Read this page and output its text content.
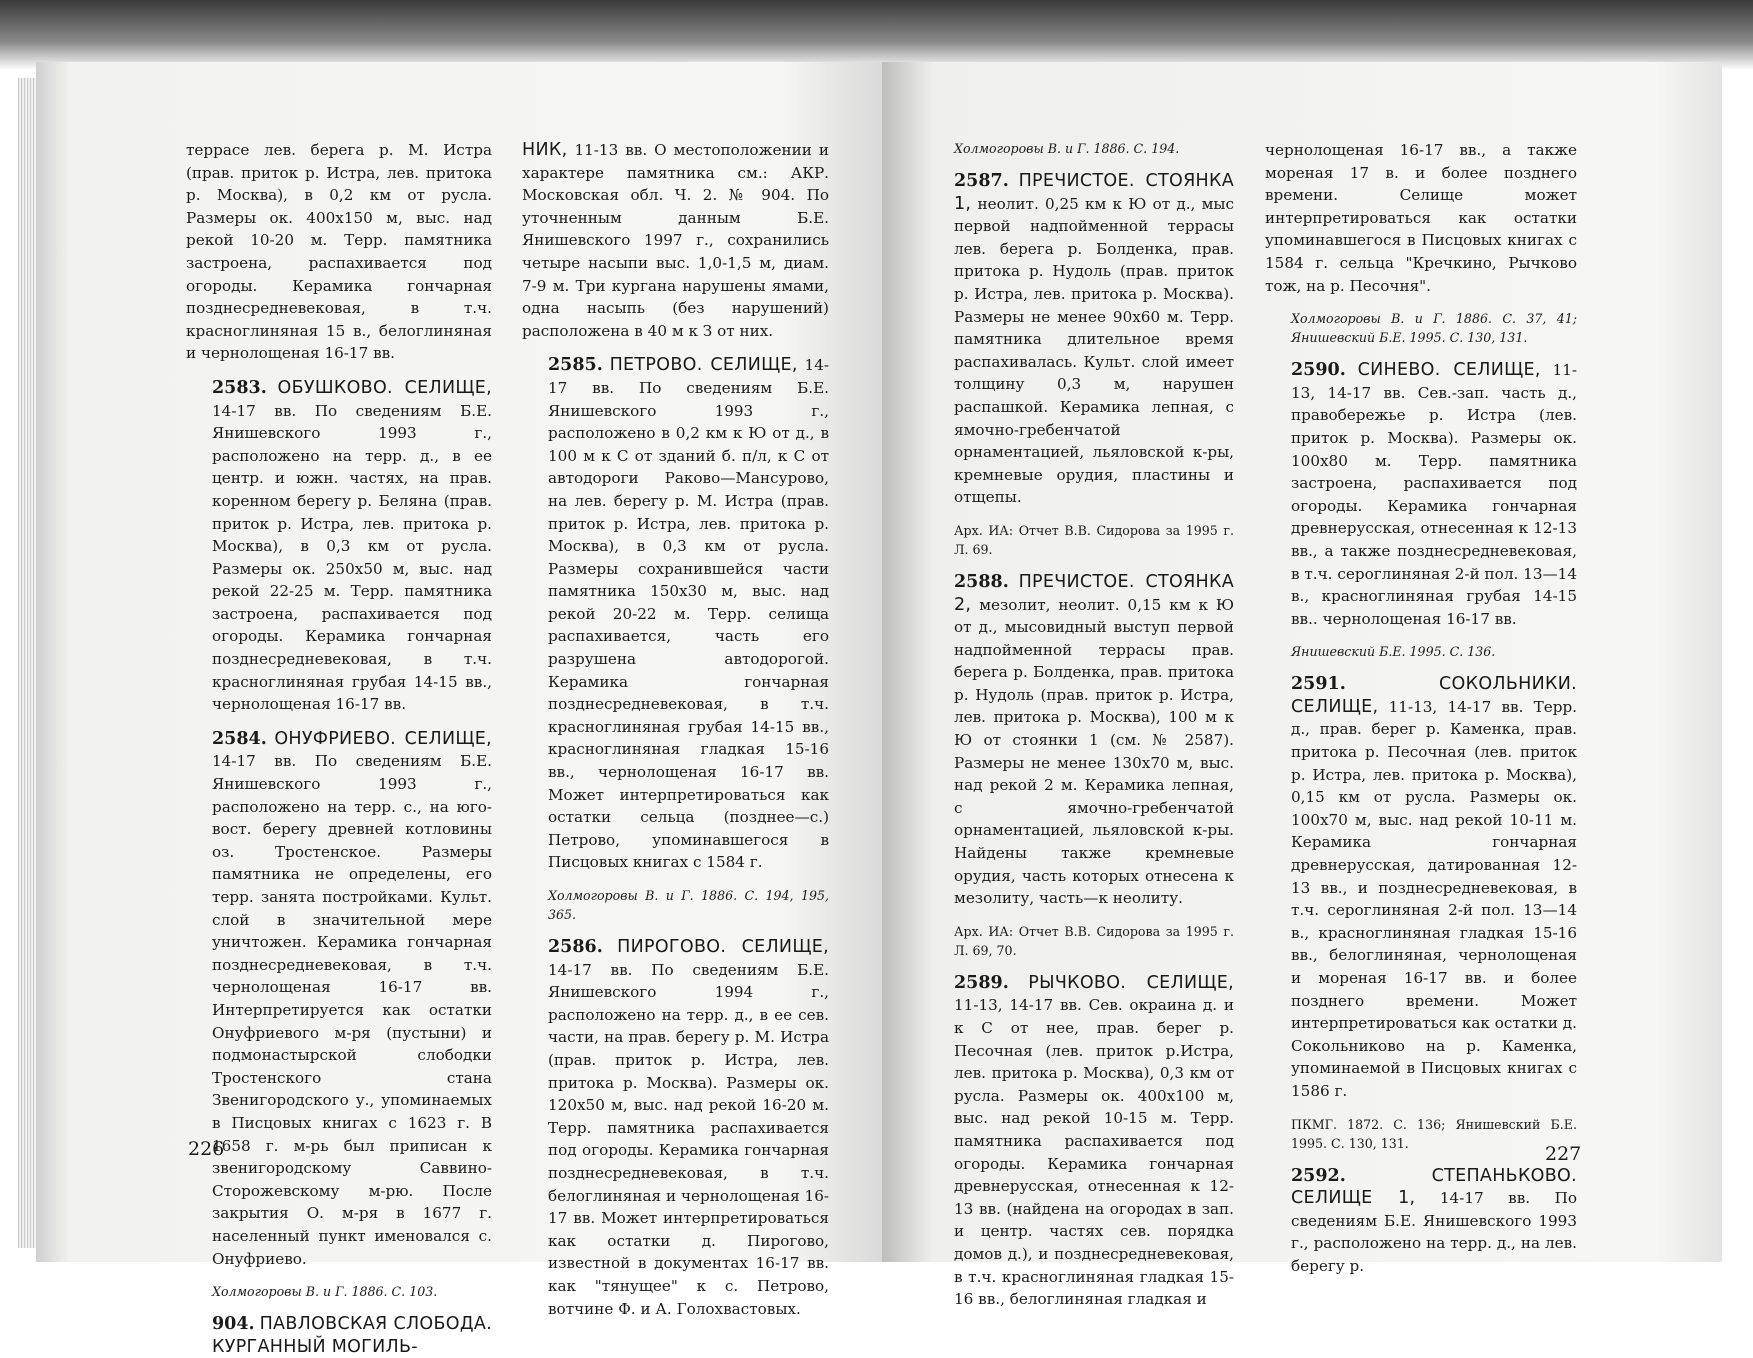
террасе лев. берега р. М. Истра (прав. приток р. Истра, лев. притока р. Москва), в 0,2 км от русла. Размеры ок. 400х150 м, выс. над рекой 10-20 м. Терр. памятника застроена, распахивается под огороды. Керамика гончарная позднесредневековая, в т.ч. красноглиняная 15 в., белоглиняная и чернолощеная 16-17 вв.

2583. ОБУШКОВО. СЕЛИЩЕ, 14-17 вв. По сведениям Б.Е. Янишевского 1993 г., расположено на терр. д., в ее центр. и южн. частях, на прав. коренном берегу р. Беляна (прав. приток р. Истра, лев. притока р. Москва), в 0,3 км от русла. Размеры ок. 250х50 м, выс. над рекой 22-25 м. Терр. памятника застроена, распахивается под огороды. Керамика гончарная позднесредневековая, в т.ч. красноглиняная грубая 14-15 вв., чернолощеная 16-17 вв.

2584. ОНУФРИЕВО. СЕЛИЩЕ, 14-17 вв. По сведениям Б.Е. Янишевского 1993 г., расположено на терр. с., на юго-вост. берегу древней котловины оз. Тростенское. Размеры памятника не определены, его терр. занята постройками. Культ. слой в значительной мере уничтожен. Керамика гончарная позднесредневековая, в т.ч. чернолощеная 16-17 вв. Интерпретируется как остатки Онуфриевого м-ря (пустыни) и подмонастырской слободки Тростенского стана Звенигородского у., упоминаемых в Писцовых книгах с 1623 г. В 1658 г. м-рь был приписан к звенигородскому Саввино-Сторожевскому м-рю. После закрытия О. м-ря в 1677 г. населенный пункт именовался с. Онуфриево.

Холмогоровы В. и Г. 1886. С. 103.

904. ПАВЛОВСКАЯ СЛОБОДА. КУРГАННЫЙ МОГИЛЬ-

НИК, 11-13 вв. О местоположении и характере памятника см.: АКР. Московская обл. Ч. 2. № 904. По уточненным данным Б.Е. Янишевского 1997 г., сохранились четыре насыпи выс. 1,0-1,5 м, диам. 7-9 м. Три кургана нарушены ямами, одна насыпь (без нарушений) расположена в 40 м к З от них.

2585. ПЕТРОВО. СЕЛИЩЕ, 14-17 вв. По сведениям Б.Е. Янишевского 1993 г., расположено в 0,2 км к Ю от д., в 100 м к С от зданий б. п/л, к С от автодороги Раково—Мансурово, на лев. берегу р. М. Истра (прав. приток р. Истра, лев. притока р. Москва), в 0,3 км от русла. Размеры сохранившейся части памятника 150х30 м, выс. над рекой 20-22 м. Терр. селища распахивается, часть его разрушена автодорогой. Керамика гончарная позднесредневековая, в т.ч. красноглиняная грубая 14-15 вв., красноглиняная гладкая 15-16 вв., чернолощеная 16-17 вв. Может интерпретироваться как остатки сельца (позднее—с.) Петрово, упоминавшегося в Писцовых книгах с 1584 г.

Холмогоровы В. и Г. 1886. С. 194, 195, 365.

2586. ПИРОГОВО. СЕЛИЩЕ, 14-17 вв. По сведениям Б.Е. Янишевского 1994 г., расположено на терр. д., в ее сев. части, на прав. берегу р. М. Истра (прав. приток р. Истра, лев. притока р. Москва). Размеры ок. 120х50 м, выс. над рекой 16-20 м. Терр. памятника распахивается под огороды. Керамика гончарная позднесредневековая, в т.ч. белоглиняная и чернолощеная 16-17 вв. Может интерпретироваться как остатки д. Пирогово, известной в документах 16-17 вв. как "тянущее" к с. Петрово, вотчине Ф. и А. Голохвастовых.

226

Холмогоровы В. и Г. 1886. С. 194.

2587. ПРЕЧИСТОЕ. СТОЯНКА 1, неолит. 0,25 км к Ю от д., мыс первой надпойменной террасы лев. берега р. Болденка, прав. притока р. Нудоль (прав. приток р. Истра, лев. притока р. Москва). Размеры не менее 90х60 м. Терр. памятника длительное время распахивалась. Культ. слой имеет толщину 0,3 м, нарушен распашкой. Керамика лепная, с ямочно-гребенчатой орнаментацией, льяловской к-ры, кремневые орудия, пластины и отщепы.

Арх. ИА: Отчет В.В. Сидорова за 1995 г. Л. 69.

2588. ПРЕЧИСТОЕ. СТОЯНКА 2, мезолит, неолит. 0,15 км к Ю от д., мысовидный выступ первой надпойменной террасы прав. берега р. Болденка, прав. притока р. Нудоль (прав. приток р. Истра, лев. притока р. Москва), 100 м к Ю от стоянки 1 (см. № 2587). Размеры не менее 130х70 м, выс. над рекой 2 м. Керамика лепная, с ямочно-гребенчатой орнаментацией, льяловской к-ры. Найдены также кремневые орудия, часть которых отнесена к мезолиту, часть—к неолиту.

Арх. ИА: Отчет В.В. Сидорова за 1995 г. Л. 69, 70.

2589. РЫЧКОВО. СЕЛИЩЕ, 11-13, 14-17 вв. Сев. окраина д. и к С от нее, прав. берег р. Песочная (лев. приток р.Истра, лев. притока р. Москва), 0,3 км от русла. Размеры ок. 400х100 м, выс. над рекой 10-15 м. Терр. памятника распахивается под огороды. Керамика гончарная древнерусская, отнесенная к 12-13 вв. (найдена на огородах в зап. и центр. частях сев. порядка домов д.), и позднесредневековая, в т.ч. красноглиняная гладкая 15-16 вв., белоглиняная гладкая и

чернолощеная 16-17 вв., а также мореная 17 в. и более позднего времени. Селище может интерпретироваться как остатки упоминавшегося в Писцовых книгах с 1584 г. сельца "Кречкино, Рычково тож, на р. Песочня".

Холмогоровы В. и Г. 1886. С. 37, 41; Янишевский Б.Е. 1995. С. 130, 131.

2590. СИНЕВО. СЕЛИЩЕ, 11-13, 14-17 вв. Сев.-зап. часть д., правобережье р. Истра (лев. приток р. Москва). Размеры ок. 100х80 м. Терр. памятника застроена, распахивается под огороды. Керамика гончарная древнерусская, отнесенная к 12-13 вв., а также позднесредневековая, в т.ч. сероглиняная 2-й пол. 13—14 в., красноглиняная грубая 14-15 вв.. чернолощеная 16-17 вв.

Янишевский Б.Е. 1995. С. 136.

2591.	СОКОЛЬНИКИ. СЕЛИЩЕ, 11-13, 14-17 вв. Терр. д., прав. берег р. Каменка, прав. притока р. Песочная (лев. приток р. Истра, лев. притока р. Москва), 0,15 км от русла. Размеры ок. 100х70 м, выс. над рекой 10-11 м. Керамика гончарная древнерусская, датированная 12-13 вв., и позднесредневековая, в т.ч. сероглиняная 2-й пол. 13—14 в., красноглиняная гладкая 15-16 вв., белоглиняная, чернолощеная и мореная 16-17 вв. и более позднего времени. Может интерпретироваться как остатки д. Сокольниково на р. Каменка, упоминаемой в Писцовых книгах с 1586 г.

ПКМГ. 1872. С. 136; Янишевский Б.Е. 1995. С. 130, 131.

2592.	СТЕПАНЬКОВО. СЕЛИЩЕ 1, 14-17 вв. По сведениям Б.Е. Янишевского 1993 г., расположено на терр. д., на лев. берегу р.

227
